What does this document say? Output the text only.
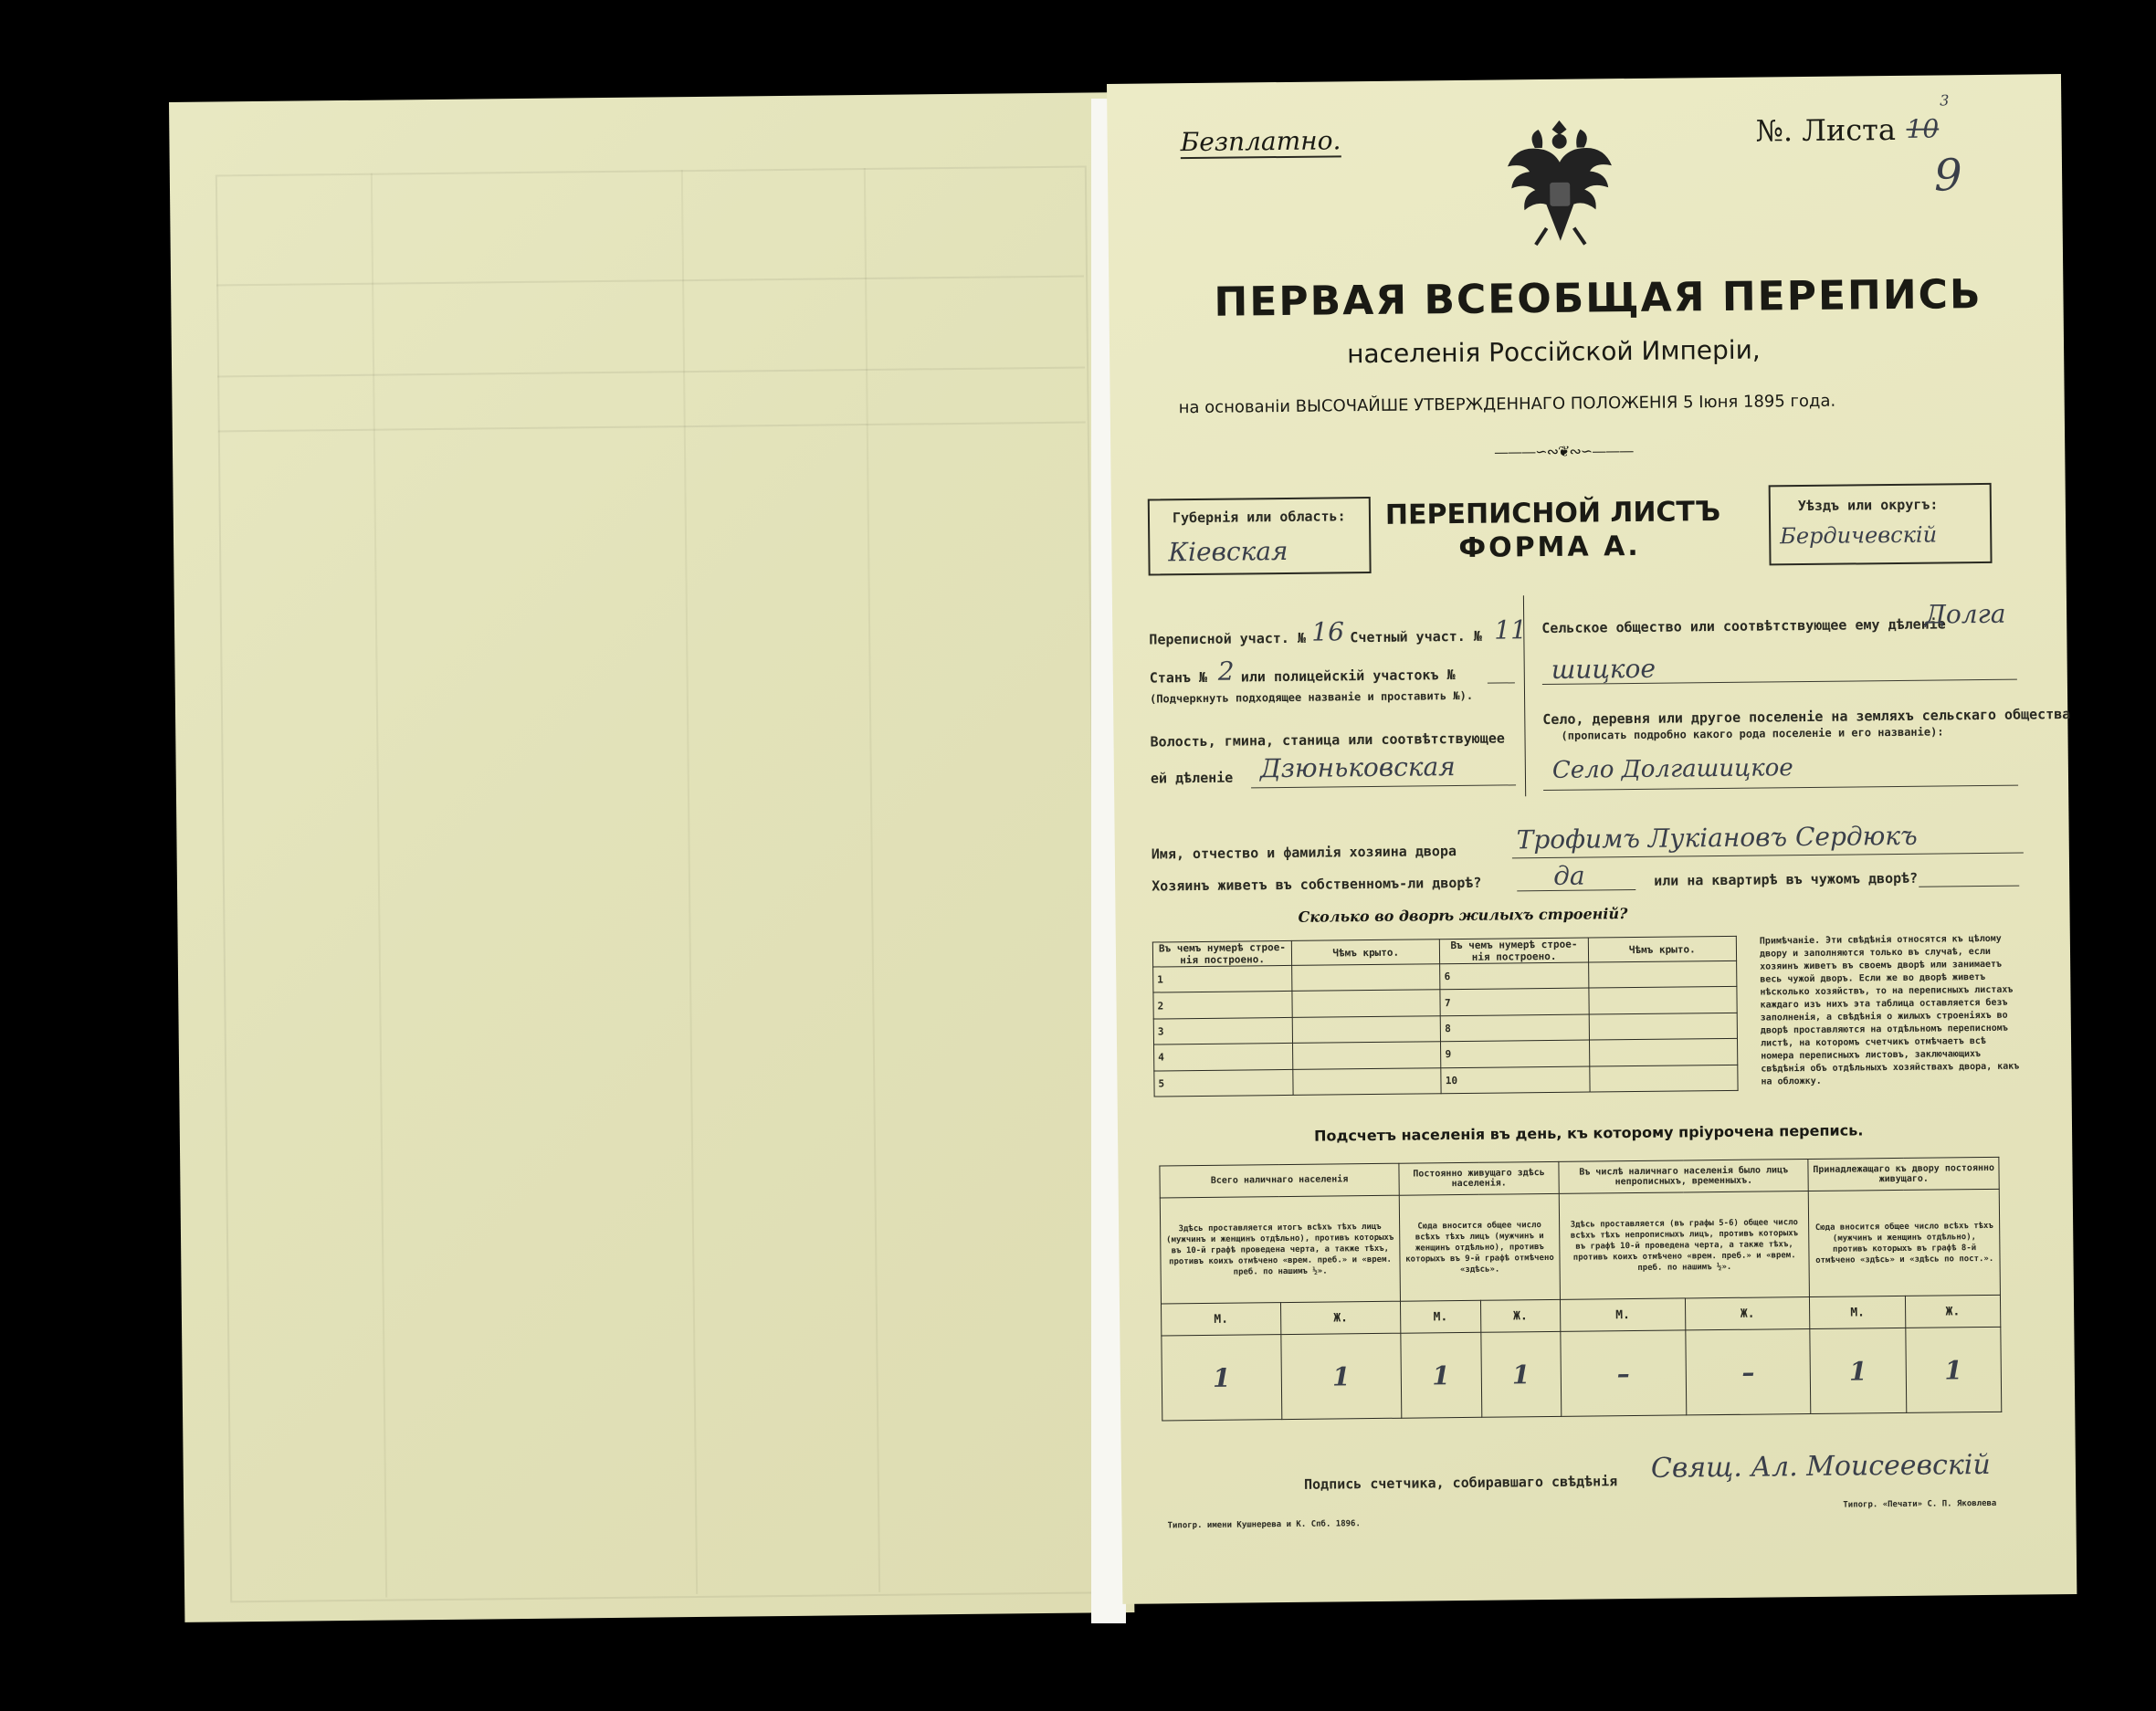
Безплатно.	№. Листа 10
3
9
ПЕРВАЯ ВСЕОБЩАЯ ПЕРЕПИСЬ
населенія Россійской Имперіи,
на основаніи ВЫСОЧАЙШЕ УТВЕРЖДЕННАГО ПОЛОЖЕНІЯ 5 Іюня 1895 года.
———∽∾❦∾∽———
Губернія или область:
Кіевская
ПЕРЕПИСНОЙ ЛИСТЪ
ФОРМА А.
Уѣздъ или округъ:
Бердичевскій
Переписной участ. № 16 Счетный участ. № 11
Станъ № 2 или полицейскій участокъ №
(Подчеркнуть подходящее названіе и проставить №).
Волость, гмина, станица или соотвѣтствующее
ей дѣленіе Дзюньковская
Сельское общество или соотвѣтствующее ему дѣленіе
Долга
шицкое
Село, деревня или другое поселеніе на земляхъ сельскаго общества
(прописать подробно какого рода поселеніе и его названіе):
Село Долгашицкое
Имя, отчество и фамилія хозяина двора Трофимъ Лукіановъ Сердюкъ
Хозяинъ живетъ въ собственномъ-ли дворѣ?	да	или на квартирѣ въ чужомъ дворѣ?
Сколько во дворѣ жилыхъ строеній?
Въ чемъ нумерѣ строе- нія построено.	Чѣмъ крыто.	Въ чемъ нумерѣ строе- нія построено.	Чѣмъ крыто.
1		6	
2		7	
3		8	
4		9	
5		10	
Примѣчаніе. Эти свѣдѣнія относятся къ цѣлому двору и заполняются только въ случаѣ, если хозяинъ живетъ въ своемъ дворѣ или занимаетъ весь чужой дворъ. Если же во дворѣ живетъ нѣсколько хозяйствъ, то на переписныхъ листахъ каждаго изъ нихъ эта таблица оставляется безъ заполненія, а свѣдѣнія о жилыхъ строеніяхъ во дворѣ проставляются на отдѣльномъ переписномъ листѣ, на которомъ счетчикъ отмѣчаетъ всѣ номера переписныхъ листовъ, заключающихъ свѣдѣнія объ отдѣльныхъ хозяйствахъ двора, какъ на обложку.
Подсчетъ населенія въ день, къ которому пріурочена перепись.
Всего наличнаго населенія		Постоянно живущаго здѣсь населенія.		Въ числѣ наличнаго населенія было лицъ непрописныхъ, временныхъ.		Принадлежащаго къ двору постоянно живущаго.	
Здѣсь проставляется итогъ всѣхъ тѣхъ лицъ (мужчинъ и женщинъ отдѣльно), противъ которыхъ въ 10-й графѣ проведена черта, а также тѣхъ, противъ коихъ отмѣчено «врем. преб.» и «врем. преб. по нашимъ ½».		Сюда вносится общее число всѣхъ тѣхъ лицъ (мужчинъ и женщинъ отдѣльно), противъ которыхъ въ 9-й графѣ отмѣчено «здѣсь».		Здѣсь проставляется (въ графы 5-6) общее число всѣхъ тѣхъ непрописныхъ лицъ, противъ которыхъ въ графѣ 10-й проведена черта, а также тѣхъ, противъ коихъ отмѣчено «врем. преб.» и «врем. преб. по нашимъ ½».		Сюда вносится общее число всѣхъ тѣхъ (мужчинъ и женщинъ отдѣльно), противъ которыхъ въ графѣ 8-й отмѣчено «здѣсь» и «здѣсь по пост.».	
М.	Ж.	М.	Ж.	М.	Ж.	М.	Ж.
1	1	1	1	–	–	1	1
Подпись счетчика, собиравшаго свѣдѣнія Свящ. Ал. Моисеевскій
Типогр. имени Кушнерева и К. Спб. 1896.
Типогр. «Печати» С. П. Яковлева
